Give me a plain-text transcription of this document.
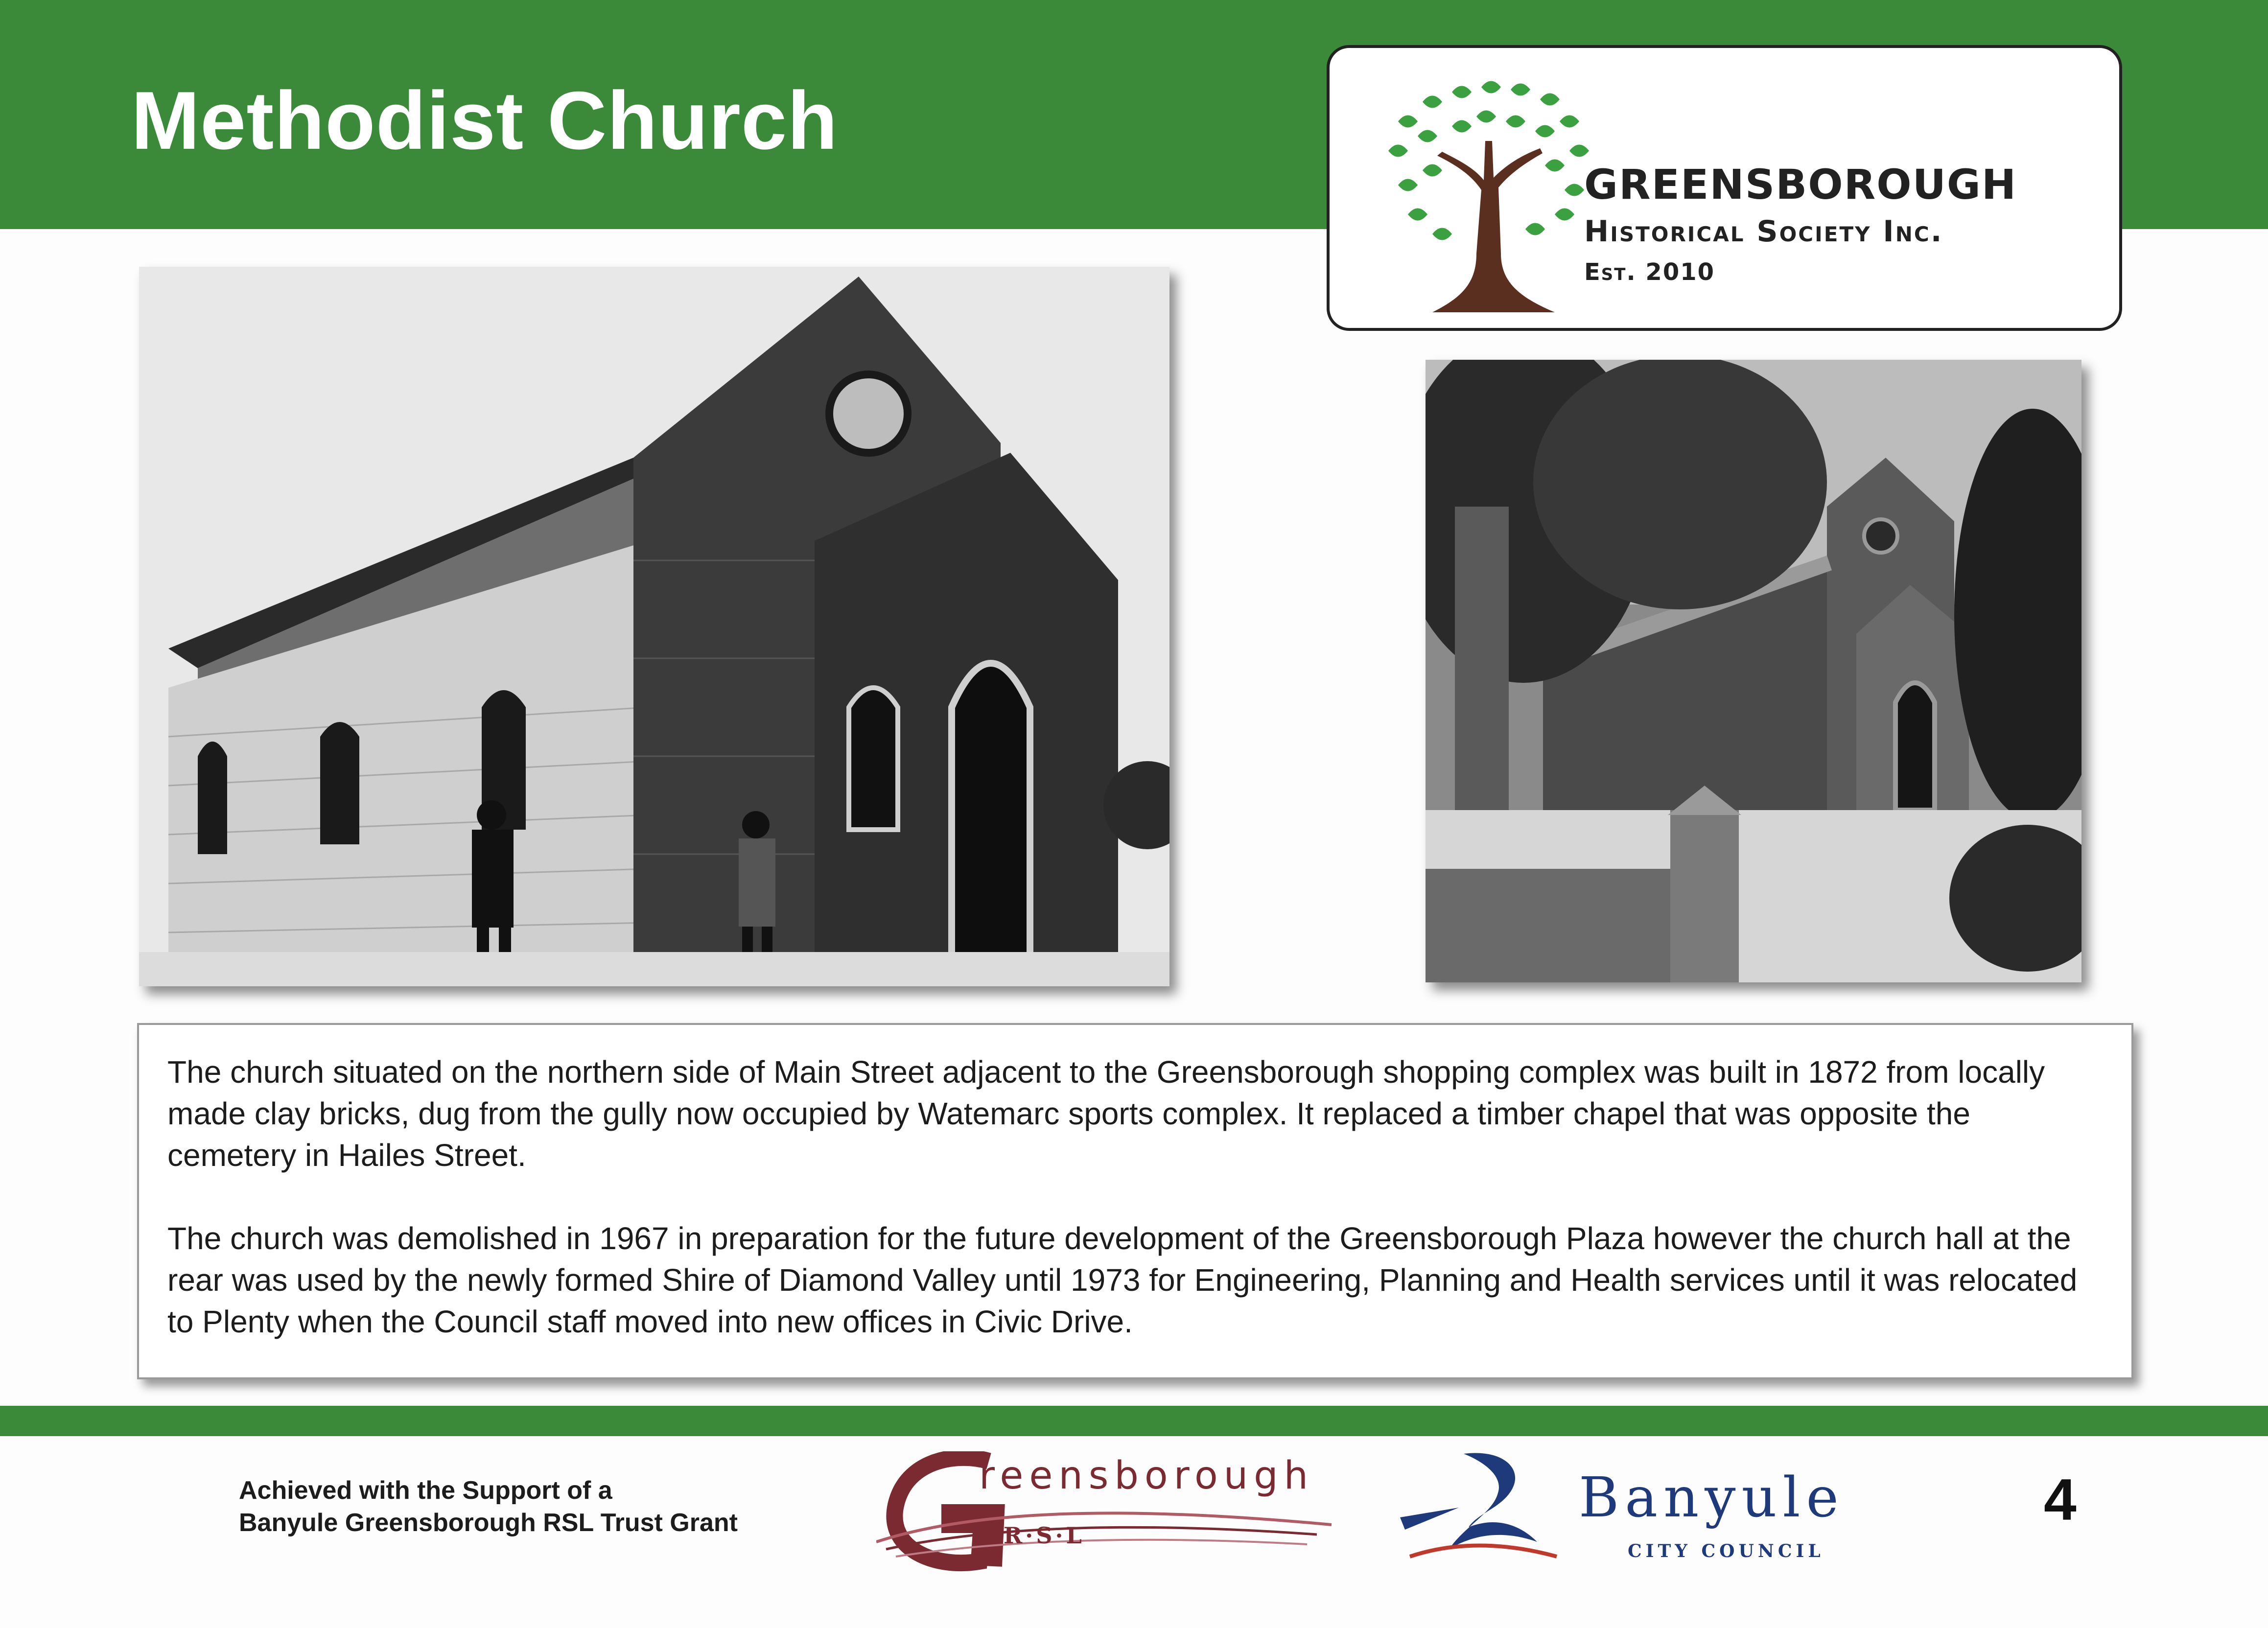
Methodist Church
GREENSBOROUGH
Historical Society Inc.
Est. 2010

The church situated on the northern side of Main Street adjacent to the Greensborough shopping complex was built in 1872 from locally made clay bricks, dug from the gully now occupied by Watemarc sports complex. It replaced a timber chapel that was opposite the cemetery in Hailes Street.

The church was demolished in 1967 in preparation for the future development of the Greensborough Plaza however the church hall at the rear was used by the newly formed Shire of Diamond Valley until 1973 for Engineering, Planning and Health services until it was relocated to Plenty when the Council staff moved into new offices in Civic Drive.

Achieved with the Support of a
Banyule Greensborough RSL Trust Grant
reensborough
R·S·L
Banyule
CITY COUNCIL
4
